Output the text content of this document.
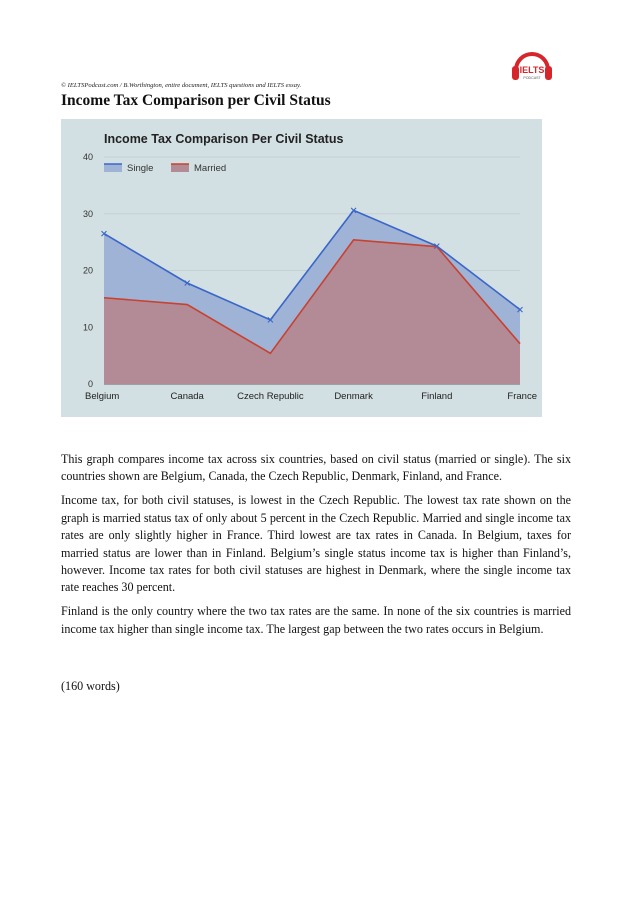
IELTS
PODCAST
© IELTSPodcast.com / B.Worthington, entire document, IELTS questions and IELTS essay.
Income Tax Comparison per Civil Status
0
10
20
30
40
Belgium	Canada	Czech Republic	Denmark	Finland	France
Income Tax Comparison Per Civil Status
Single	Married

This graph compares income tax across six countries, based on civil status (married or single). The six countries shown are Belgium, Canada, the Czech Republic, Denmark, Finland, and France.

Income tax, for both civil statuses, is lowest in the Czech Republic. The lowest tax rate shown on the graph is married status tax of only about 5 percent in the Czech Republic. Married and single income tax rates are only slightly higher in France. Third lowest are tax rates in Canada. In Belgium, taxes for married status are lower than in Finland. Belgium’s single status income tax is higher than Finland’s, however. Income tax rates for both civil statuses are highest in Denmark, where the single income tax rate reaches 30 percent.

Finland is the only country where the two tax rates are the same. In none of the six countries is married income tax higher than single income tax. The largest gap between the two rates occurs in Belgium.

(160 words)
